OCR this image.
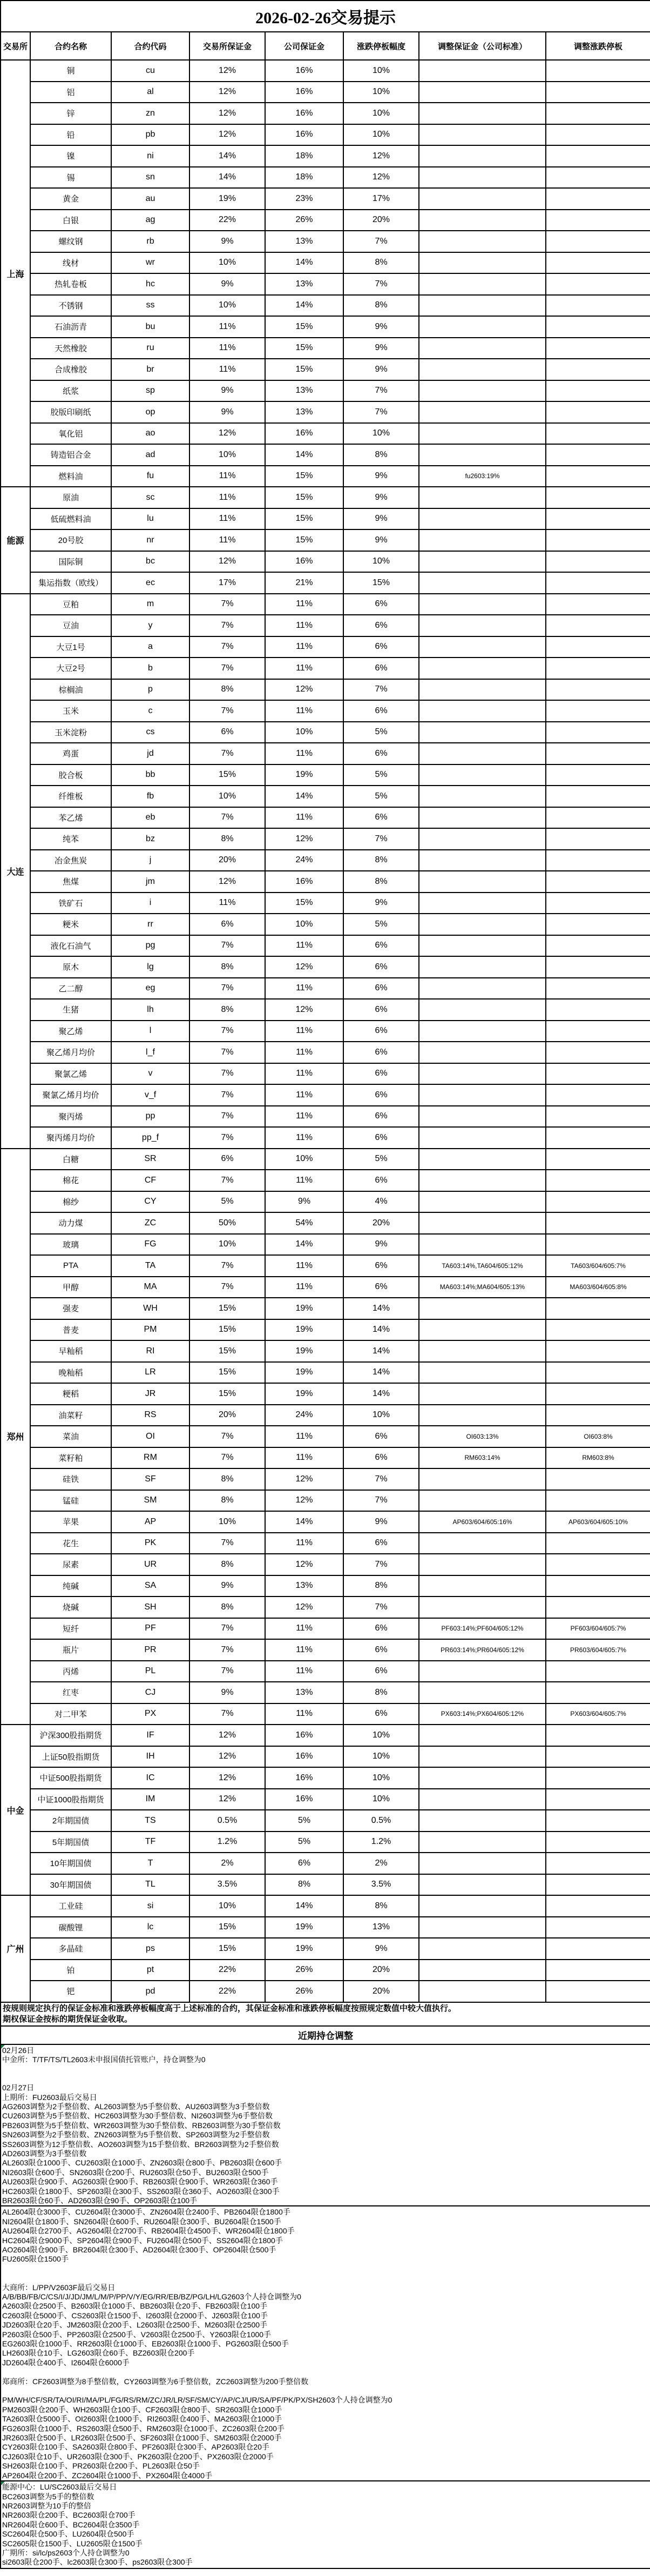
2026-02-26交易提示							
交易所	合约名称	合约代码	交易所保证金	公司保证金	涨跌停板幅度	调整保证金（公司标准）	调整涨跌停板
上海	铜	cu	12%	16%	10%		
	铝	al	12%	16%	10%		
	锌	zn	12%	16%	10%		
	铅	pb	12%	16%	10%		
	镍	ni	14%	18%	12%		
	锡	sn	14%	18%	12%		
	黄金	au	19%	23%	17%		
	白银	ag	22%	26%	20%		
	螺纹钢	rb	9%	13%	7%		
	线材	wr	10%	14%	8%		
	热轧卷板	hc	9%	13%	7%		
	不锈钢	ss	10%	14%	8%		
	石油沥青	bu	11%	15%	9%		
	天然橡胶	ru	11%	15%	9%		
	合成橡胶	br	11%	15%	9%		
	纸浆	sp	9%	13%	7%		
	胶版印刷纸	op	9%	13%	7%		
	氧化铝	ao	12%	16%	10%		
	铸造铝合金	ad	10%	14%	8%		
	燃料油	fu	11%	15%	9%	fu2603:19%	
能源	原油	sc	11%	15%	9%		
	低硫燃料油	lu	11%	15%	9%		
	20号胶	nr	11%	15%	9%		
	国际铜	bc	12%	16%	10%		
	集运指数（欧线）	ec	17%	21%	15%		
大连	豆粕	m	7%	11%	6%		
	豆油	y	7%	11%	6%		
	大豆1号	a	7%	11%	6%		
	大豆2号	b	7%	11%	6%		
	棕榈油	p	8%	12%	7%		
	玉米	c	7%	11%	6%		
	玉米淀粉	cs	6%	10%	5%		
	鸡蛋	jd	7%	11%	6%		
	胶合板	bb	15%	19%	5%		
	纤维板	fb	10%	14%	5%		
	苯乙烯	eb	7%	11%	6%		
	纯苯	bz	8%	12%	7%		
	冶金焦炭	j	20%	24%	8%		
	焦煤	jm	12%	16%	8%		
	铁矿石	i	11%	15%	9%		
	粳米	rr	6%	10%	5%		
	液化石油气	pg	7%	11%	6%		
	原木	lg	8%	12%	6%		
	乙二醇	eg	7%	11%	6%		
	生猪	lh	8%	12%	6%		
	聚乙烯	l	7%	11%	6%		
	聚乙烯月均价	l_f	7%	11%	6%		
	聚氯乙烯	v	7%	11%	6%		
	聚氯乙烯月均价	v_f	7%	11%	6%		
	聚丙烯	pp	7%	11%	6%		
	聚丙烯月均价	pp_f	7%	11%	6%		
郑州	白糖	SR	6%	10%	5%		
	棉花	CF	7%	11%	6%		
	棉纱	CY	5%	9%	4%		
	动力煤	ZC	50%	54%	20%		
	玻璃	FG	10%	14%	9%		
	PTA	TA	7%	11%	6%	TA603:14%,TA604/605:12%	TA603/604/605:7%
	甲醇	MA	7%	11%	6%	MA603:14%;MA604/605:13%	MA603/604/605:8%
	强麦	WH	15%	19%	14%		
	普麦	PM	15%	19%	14%		
	早籼稻	RI	15%	19%	14%		
	晚籼稻	LR	15%	19%	14%		
	粳稻	JR	15%	19%	14%		
	油菜籽	RS	20%	24%	10%		
	菜油	OI	7%	11%	6%	OI603:13%	OI603:8%
	菜籽粕	RM	7%	11%	6%	RM603:14%	RM603:8%
	硅铁	SF	8%	12%	7%		
	锰硅	SM	8%	12%	7%		
	苹果	AP	10%	14%	9%	AP603/604/605:16%	AP603/604/605:10%
	花生	PK	7%	11%	6%		
	尿素	UR	8%	12%	7%		
	纯碱	SA	9%	13%	8%		
	烧碱	SH	8%	12%	7%		
	短纤	PF	7%	11%	6%	PF603:14%;PF604/605:12%	PF603/604/605:7%
	瓶片	PR	7%	11%	6%	PR603:14%;PR604/605:12%	PR603/604/605:7%
	丙烯	PL	7%	11%	6%		
	红枣	CJ	9%	13%	8%		
	对二甲苯	PX	7%	11%	6%	PX603:14%;PX604/605:12%	PX603/604/605:7%
中金	沪深300股指期货	IF	12%	16%	10%		
	上证50股指期货	IH	12%	16%	10%		
	中证500股指期货	IC	12%	16%	10%		
	中证1000股指期货	IM	12%	16%	10%		
	2年期国债	TS	0.5%	5%	0.5%		
	5年期国债	TF	1.2%	5%	1.2%		
	10年期国债	T	2%	6%	2%		
	30年期国债	TL	3.5%	8%	3.5%		
广州	工业硅	si	10%	14%	8%		
	碳酸锂	lc	15%	19%	13%		
	多晶硅	ps	15%	19%	9%		
	铂	pt	22%	26%	20%		
	钯	pd	22%	26%	20%		

按规则规定执行的保证金标准和涨跌停板幅度高于上述标准的合约，其保证金标准和涨跌停板幅度按照规定数值中较大值执行。
期权保证金按标的期货保证金收取。							

近期持仓调整							

02月26日
中金所：T/TF/TS/TL2603未申报国债托管账户，持仓调整为0
02月27日
上期所：FU2603最后交易日
AG2603调整为2手整倍数、AL2603调整为5手整倍数、AU2603调整为3手整倍数
CU2603调整为5手整倍数、HC2603调整为30手整倍数、NI2603调整为6手整倍数
PB2603调整为5手整倍数、WR2603调整为30手整倍数、RB2603调整为30手整倍数
SN2603调整为2手整倍数、ZN2603调整为5手整倍数、SP2603调整为2手整倍数
SS2603调整为12手整倍数、AO2603调整为15手整倍数、BR2603调整为2手整倍数
AD2603调整为3手整倍数
AL2603限仓1000手、CU2603限仓1000手、ZN2603限仓800手、PB2603限仓600手
NI2603限仓600手、SN2603限仓200手、RU2603限仓50手、BU2603限仓500手
AU2603限仓900手、AG2603限仓900手、RB2603限仓900手、WR2603限仓360手
HC2603限仓1800手、SP2603限仓300手、SS2603限仓360手、AO2603限仓300手
BR2603限仓60手、AD2603限仓90手、OP2603限仓100手

AL2604限仓3000手、CU2604限仓3000手、ZN2604限仓2400手、PB2604限仓1800手
NI2604限仓1800手、SN2604限仓600手、RU2604限仓300手、BU2604限仓1500手
AU2604限仓2700手、AG2604限仓2700手、RB2604限仓4500手、WR2604限仓1800手
HC2604限仓9000手、SP2604限仓900手、FU2604限仓500手、SS2604限仓1800手
AO2604限仓900手、BR2604限仓300手、AD2604限仓300手、OP2604限仓500手
FU2605限仓1500手
大商所：L/PP/V2603F最后交易日
A/B/BB/FB/C/CS/I/J/JD/JM/L/M/P/PP/V/Y/EG/RR/EB/BZ/PG/LH/LG2603个人持仓调整为0
A2603限仓2500手、B2603限仓1000手、BB2603限仓20手、FB2603限仓100手
C2603限仓5000手、CS2603限仓1500手、I2603限仓2000手、J2603限仓100手
JD2603限仓20手、JM2603限仓200手、L2603限仓2500手、M2603限仓2500手
P2603限仓500手、PP2603限仓2500手、V2603限仓2500手、Y2603限仓1000手
EG2603限仓1000手、RR2603限仓1000手、EB2603限仓1000手、PG2603限仓500手
LH2603限仓10手、LG2603限仓60手、BZ2603限仓200手
JD2604限仓400手、I2604限仓6000手
郑商所：CF2603调整为8手整倍数，CY2603调整为6手整倍数，ZC2603调整为200手整倍数
PM/WH/CF/SR/TA/OI/RI/MA/PL/FG/RS/RM/ZC/JR/LR/SF/SM/CY/AP/CJ/UR/SA/PF/PK/PX/SH2603个人持仓调整为0
PM2603限仓200手、WH2603限仓100手、CF2603限仓800手、SR2603限仓1000手
TA2603限仓5000手、OI2603限仓1000手、RI2603限仓400手、MA2603限仓1000手
FG2603限仓1000手、RS2603限仓500手、RM2603限仓1000手、ZC2603限仓200手
JR2603限仓500手、LR2603限仓500手、SF2603限仓1000手、SM2603限仓2000手
CY2603限仓100手、SA2603限仓800手、PF2603限仓300手、AP2603限仓20手
CJ2603限仓10手、UR2603限仓300手、PK2603限仓200手、PX2603限仓2000手
SH2603限仓100手、PR2603限仓200手、PL2603限仓50手
AP2604限仓200手、ZC2604限仓1000手、PX2604限仓4000手

能源中心：LU/SC2603最后交易日
BC2603调整为5手的整倍数
NR2603调整为10手的整倍
NR2603限仓200手、BC2603限仓700手
NR2604限仓600手、BC2604限仓3500手
SC2604限仓500手、LU2604限仓500手
SC2605限仓1500手、LU2605限仓1500手
广期所：si/lc/ps2603个人持仓调整为0
si2603限仓200手、lc2603限仓300手、ps2603限仓300手
